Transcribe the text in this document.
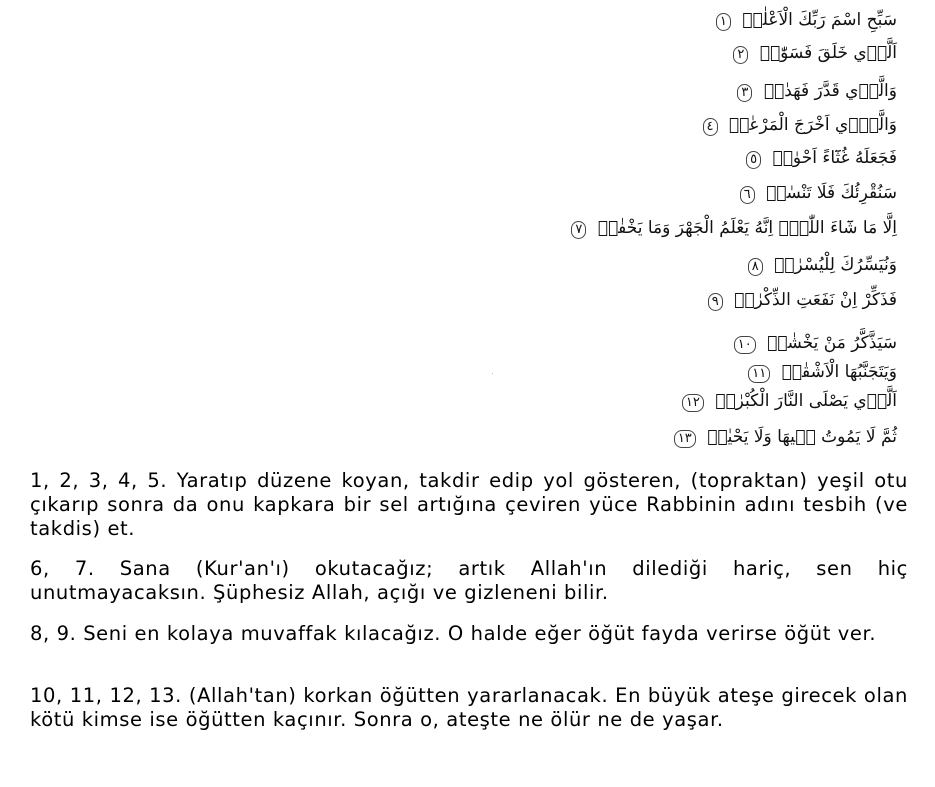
سَبِّحِ اسْمَ رَبِّكَ الْاَعْلٰىۙ ١
اَلَّذ۪ي خَلَقَ فَسَوّٰىۙ ٢
وَالَّذ۪ي قَدَّرَ فَهَدٰىۙ ٣
وَالَّذ۪ٓي اَخْرَجَ الْمَرْعٰىۙ ٤
فَجَعَلَهُ غُثَٓاءً اَحْوٰىۜ ٥
سَنُقْرِئُكَ فَلَا تَنْسٰىۙ ٦
اِلَّا مَا شَٓاءَ اللّٰهُۜ اِنَّهُ يَعْلَمُ الْجَهْرَ وَمَا يَخْفٰىۜ ٧
وَنُيَسِّرُكَ لِلْيُسْرٰىۚ ٨
فَذَكِّرْ اِنْ نَفَعَتِ الذِّكْرٰىۜ ٩
سَيَذَّكَّرُ مَنْ يَخْشٰىۙ ١٠
وَيَتَجَنَّبُهَا الْاَشْقٰىۙ ١١
اَلَّذ۪ي يَصْلَى النَّارَ الْكُبْرٰىۚ ١٢
ثُمَّ لَا يَمُوتُ ف۪يهَا وَلَا يَحْيٰىۜ ١٣

1, 2, 3, 4, 5. Yaratıp düzene koyan, takdir edip yol gösteren, (topraktan) yeşil otu çıkarıp sonra da onu kapkara bir sel artığına çeviren yüce Rabbinin adını tesbih (ve takdis) et.

6, 7. Sana (Kur'an'ı) okutacağız; artık Allah'ın dilediği hariç, sen hiç unutmayacaksın. Şüphesiz Allah, açığı ve gizleneni bilir.

8, 9. Seni en kolaya muvaffak kılacağız. O halde eğer öğüt fayda verirse öğüt ver.

10, 11, 12, 13. (Allah'tan) korkan öğütten yararlanacak. En büyük ateşe girecek olan kötü kimse ise öğütten kaçınır. Sonra o, ateşte ne ölür ne de yaşar.
